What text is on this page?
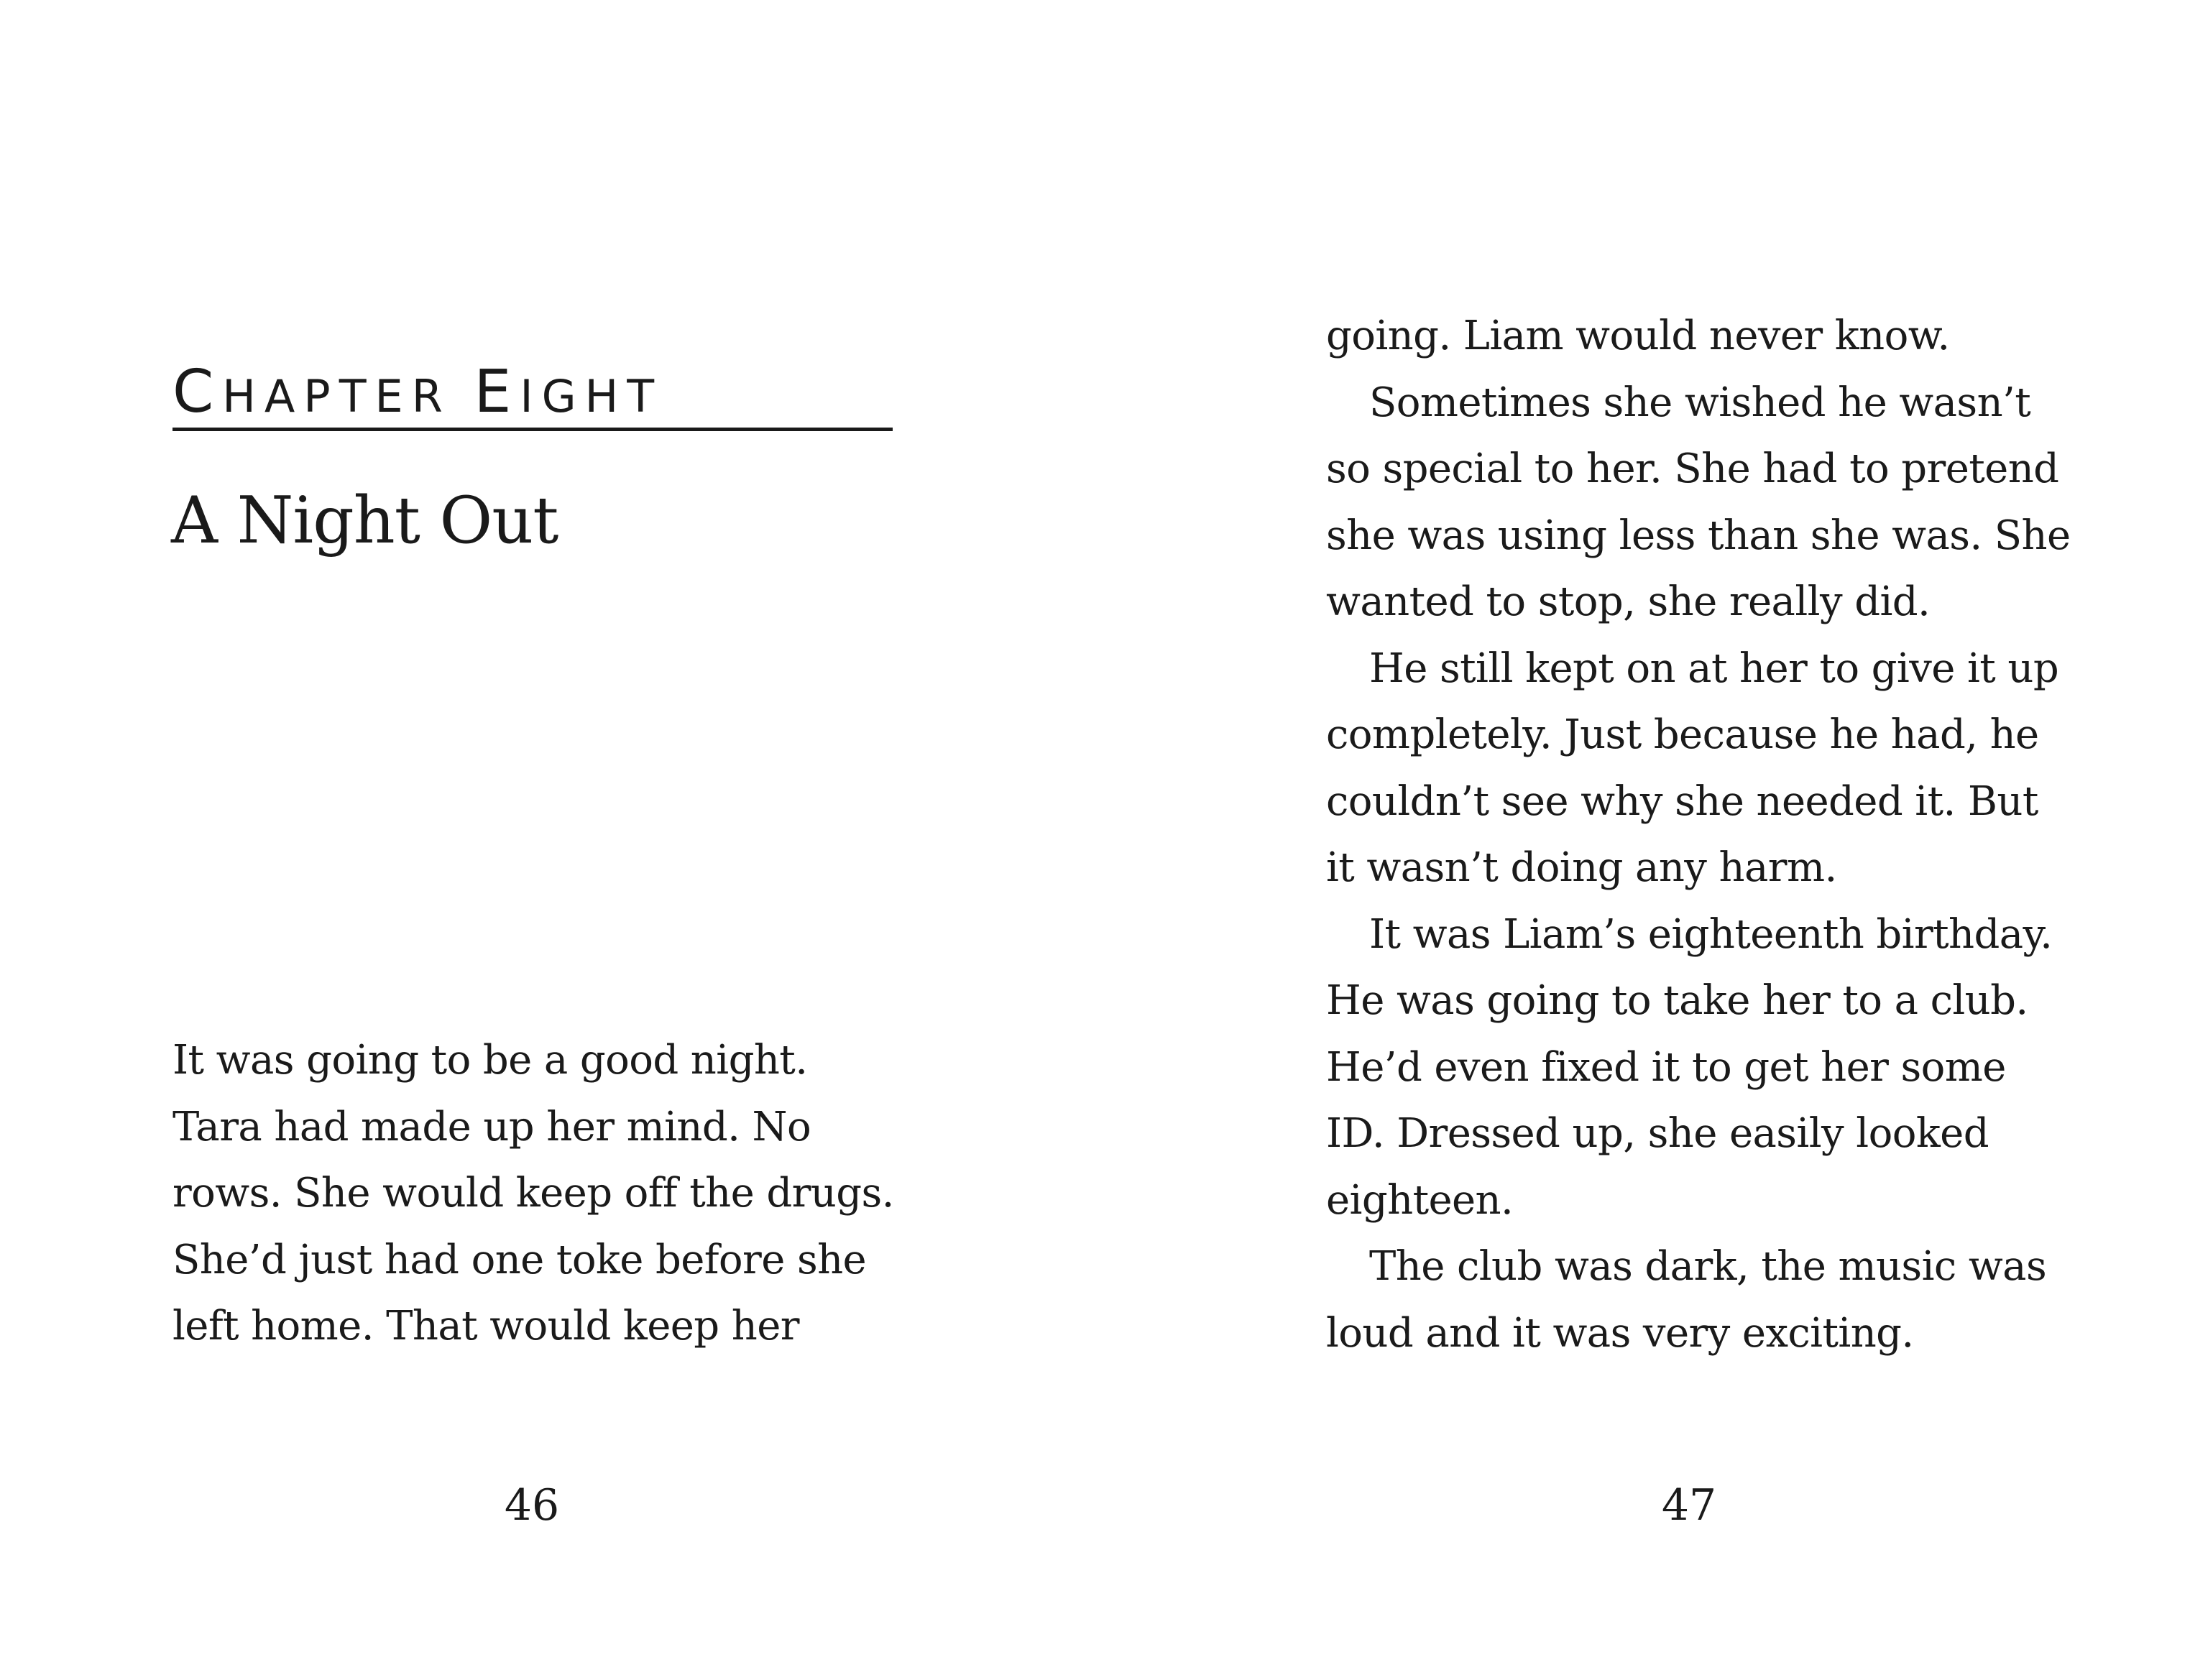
CHAPTER EIGHT
A Night Out
It was going to be a good night.
Tara had made up her mind. No
rows. She would keep off the drugs.
She’d just had one toke before she
left home. That would keep her
46
going. Liam would never know.
Sometimes she wished he wasn’t
so special to her. She had to pretend
she was using less than she was. She
wanted to stop, she really did.
He still kept on at her to give it up
completely. Just because he had, he
couldn’t see why she needed it. But
it wasn’t doing any harm.
It was Liam’s eighteenth birthday.
He was going to take her to a club.
He’d even fixed it to get her some
ID. Dressed up, she easily looked
eighteen.
The club was dark, the music was
loud and it was very exciting.
47
